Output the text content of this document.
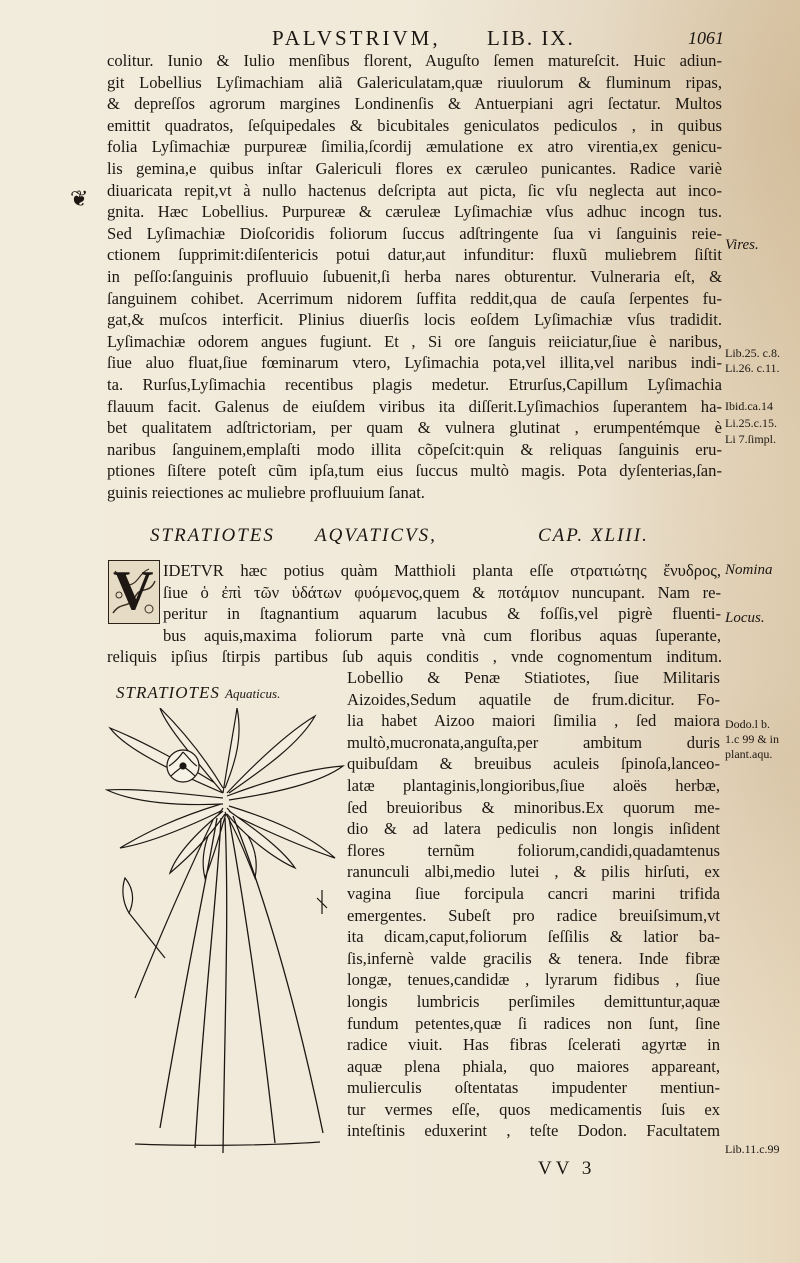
PALVSTRIVM, LIB. IX.	1061
❦
colitur. Iunio & Iulio menſibus florent, Auguſto ſemen matureſcit. Huic adiun-
git Lobellius Lyſimachiam aliã Galericulatam,quæ riuulorum & fluminum ripas,
& depreſſos agrorum margines Londinenſis & Antuerpiani agri ſectatur. Multos
emittit quadratos, ſeſquipedales & bicubitales geniculatos pediculos , in quibus
folia Lyſimachiæ purpureæ ſimilia,ſcordij æmulatione ex atro virentia,ex genicu-
lis gemina,e quibus inſtar Galericuli flores ex cæruleo punicantes. Radice variè
diuaricata repit,vt à nullo hactenus deſcripta aut picta, ſic vſu neglecta aut inco-
gnita. Hæc Lobellius. Purpureæ & cæruleæ Lyſimachiæ vſus adhuc incogn tus.
Sed Lyſimachiæ Dioſcoridis foliorum ſuccus adſtringente ſua vi ſanguinis reie-
ctionem ſupprimit:diſentericis potui datur,aut infunditur: fluxũ muliebrem ſiſtit
in peſſo:ſanguinis profluuio ſubuenit,ſi herba nares obturentur. Vulneraria eſt, &
ſanguinem cohibet. Acerrimum nidorem ſuffita reddit,qua de cauſa ſerpentes fu-
gat,& muſcos interficit. Plinius diuerſis locis eoſdem Lyſimachiæ vſus tradidit.
Lyſimachiæ odorem angues fugiunt. Et , Si ore ſanguis reiiciatur,ſiue è naribus,
ſiue aluo fluat,ſiue fœminarum vtero, Lyſimachia pota,vel illita,vel naribus indi-
ta. Rurſus,Lyſimachia recentibus plagis medetur. Etrurſus,Capillum Lyſimachia
flauum facit. Galenus de eiuſdem viribus ita diſſerit.Lyſimachios ſuperantem ha-
bet qualitatem adſtrictoriam, per quam & vulnera glutinat , erumpentémque è
naribus ſanguinem,emplaſti modo illita cõpeſcit:quin & reliquas ſanguinis eru-
ptiones ſiſtere poteſt cũm ipſa,tum eius ſuccus multò magis. Pota dyſenterias,ſan-
guinis reiectiones ac muliebre profluuium ſanat.
Vires.
Lib.25. c.8.
Li.26. c.11.
Ibid.ca.14
Li.25.c.15.
Li 7.ſimpl.
Nomina
Locus.
Dodo.l b.
1.c 99 & in
plant.aqu.
Lib.11.c.99
STRATIOTES AQVATICVS,	CAP. XLIII.
V IDETVR hæc potius quàm Matthioli planta eſſe στρατιώτης ἔνυδρος,
ſiue ὁ ἐπὶ τῶν ὑδάτων φυόμενος,quem & ποτάμιον nuncupant. Nam re-
peritur in ſtagnantium aquarum lacubus & foſſis,vel pigrè fluenti-
bus aquis,maxima foliorum parte vnà cum floribus aquas ſuperante,
reliquis ipſius ſtirpis partibus ſub aquis conditis , vnde cognomentum inditum.
STRATIOTES Aquaticus.
Lobellio & Penæ Stiatiotes, ſiue Militaris
Aizoides,Sedum aquatile de frum.dicitur. Fo-
lia habet Aizoo maiori ſimilia , ſed maiora
multò,mucronata,anguſta,per ambitum duris
quibuſdam & breuibus aculeis ſpinoſa,lanceo-
latæ plantaginis,longioribus,ſiue aloës herbæ,
ſed breuioribus & minoribus.Ex quorum me-
dio & ad latera pediculis non longis inſident
flores ternũm foliorum,candidi,quadamtenus
ranunculi albi,medio lutei , & pilis hirſuti, ex
vagina ſiue forcipula cancri marini trifida
emergentes. Subeſt pro radice breuiſsimum,vt
ita dicam,caput,foliorum ſeſſilis & latior ba-
ſis,infernè valde gracilis & tenera. Inde fibræ
longæ, tenues,candidæ , lyrarum fidibus , ſiue
longis lumbricis perſimiles demittuntur,aquæ
fundum petentes,quæ ſi radices non ſunt, ſine
radice viuit. Has fibras ſcelerati agyrtæ in
aquæ plena phiala, quo maiores appareant,
mulierculis oſtentatas impudenter mentiun-
tur vermes eſſe, quos medicamentis ſuis ex
inteſtinis eduxerint , teſte Dodon. Facultatem
VV 3
